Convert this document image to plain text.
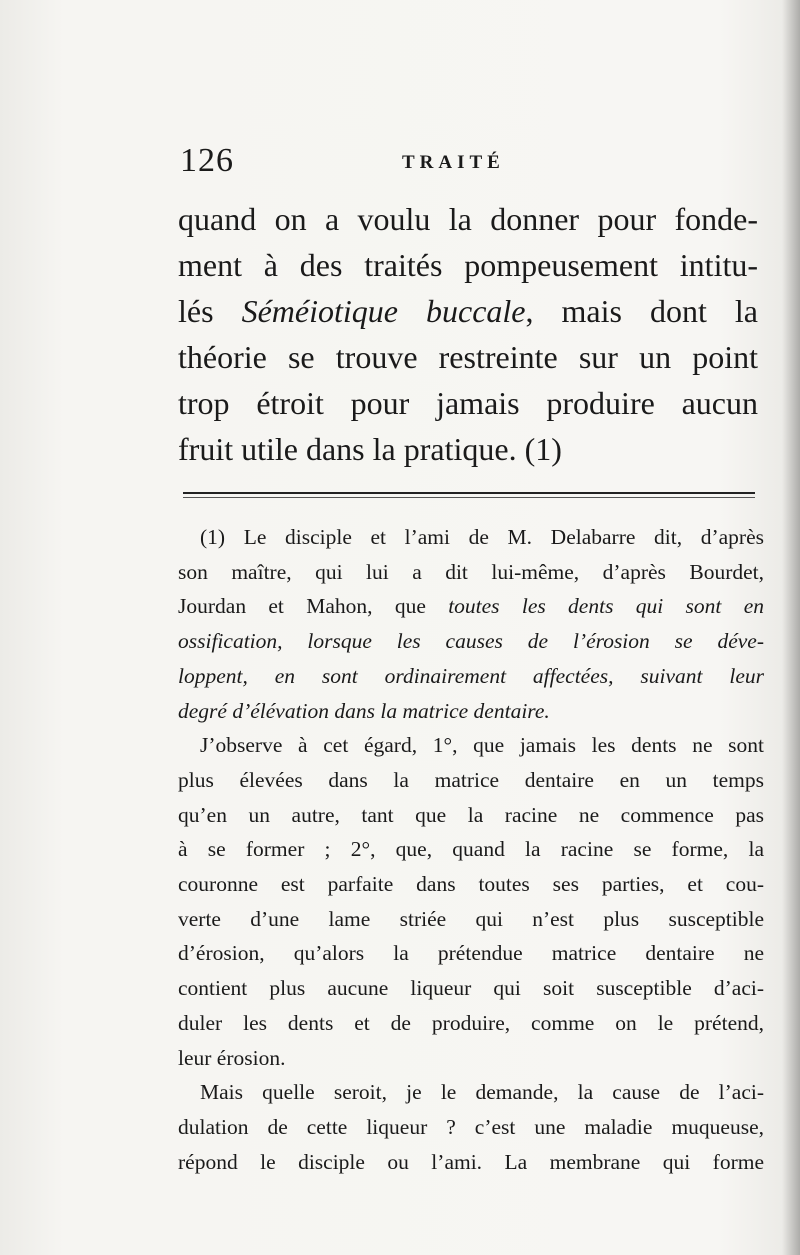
126	TRAITÉ
quand on a voulu la donner pour fonde-
ment à des traités pompeusement intitu-
lés Séméiotique buccale, mais dont la
théorie se trouve restreinte sur un point
trop étroit pour jamais produire aucun
fruit utile dans la pratique. (1)
(1) Le disciple et l’ami de M. Delabarre dit, d’après
son maître, qui lui a dit lui-même, d’après Bourdet,
Jourdan et Mahon, que toutes les dents qui sont en
ossification, lorsque les causes de l’érosion se déve-
loppent, en sont ordinairement affectées, suivant leur
degré d’élévation dans la matrice dentaire.
J’observe à cet égard, 1°, que jamais les dents ne sont
plus élevées dans la matrice dentaire en un temps
qu’en un autre, tant que la racine ne commence pas
à se former ; 2°, que, quand la racine se forme, la
couronne est parfaite dans toutes ses parties, et cou-
verte d’une lame striée qui n’est plus susceptible
d’érosion, qu’alors la prétendue matrice dentaire ne
contient plus aucune liqueur qui soit susceptible d’aci-
duler les dents et de produire, comme on le prétend,
leur érosion.
Mais quelle seroit, je le demande, la cause de l’aci-
dulation de cette liqueur ? c’est une maladie muqueuse,
répond le disciple ou l’ami. La membrane qui forme
